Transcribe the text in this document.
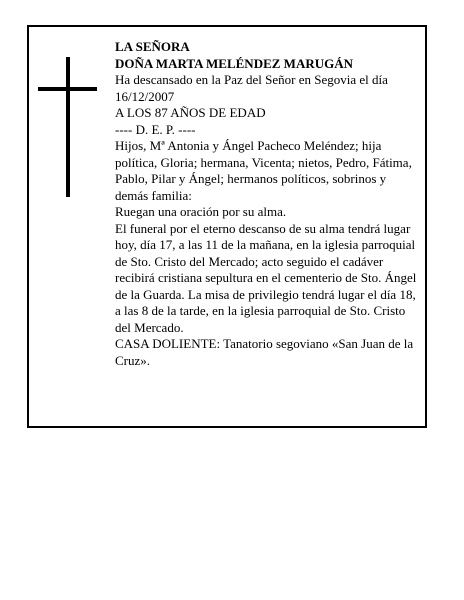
LA SEÑORA

DOÑA MARTA MELÉNDEZ MARUGÁN

Ha descansado en la Paz del Señor en Segovia el día 16/12/2007

A LOS 87 AÑOS DE EDAD

---- D. E. P. ----

Hijos, Mª Antonia y Ángel Pacheco Meléndez; hija política, Gloria; hermana, Vicenta; nietos, Pedro, Fátima, Pablo, Pilar y Ángel; hermanos políticos, sobrinos y demás familia:

Ruegan una oración por su alma.

El funeral por el eterno descanso de su alma tendrá lugar hoy, día 17, a las 11 de la mañana, en la iglesia parroquial de Sto. Cristo del Mercado; acto seguido el cadáver recibirá cristiana sepultura en el cementerio de Sto. Ángel de la Guarda. La misa de privilegio tendrá lugar el día 18, a las 8 de la tarde, en la iglesia parroquial de Sto. Cristo del Mercado.

CASA DOLIENTE: Tanatorio segoviano «San Juan de la Cruz».
